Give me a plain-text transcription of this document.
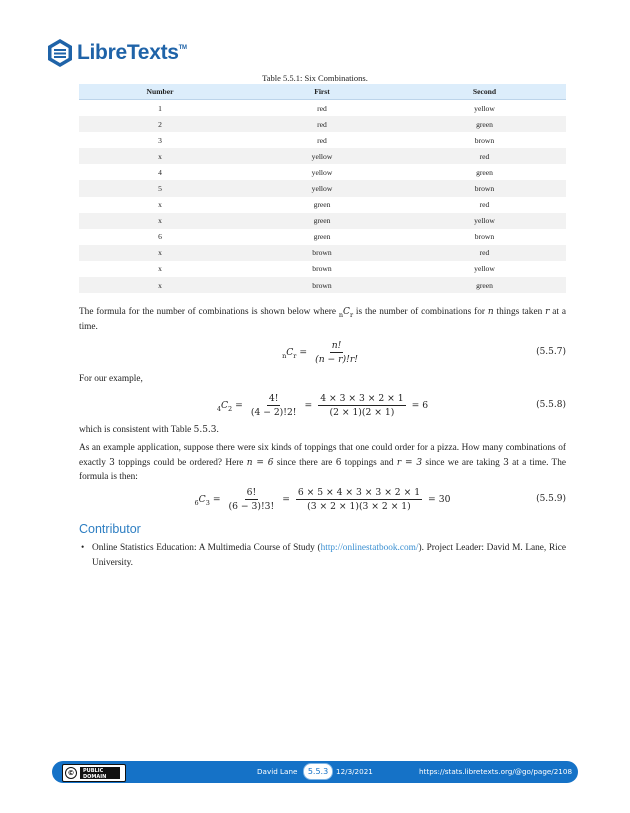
LibreTexts™
Table 5.5.1: Six Combinations.
Number	First	Second
1	red	yellow
2	red	green
3	red	brown
x	yellow	red
4	yellow	green
5	yellow	brown
x	green	red
x	green	yellow
6	green	brown
x	brown	red
x	brown	yellow
x	brown	green
The formula for the number of combinations is shown below where $_nC_r$ is the number of combinations for n things taken r at a time.
$_nC_r = \frac{n!}{(n - r)!r!}$	(5.5.7)
For our example,
$_4C_2 = \frac{4!}{(4 - 2)!2!} = \frac{4 \times 3 \times 3 \times 2 \times 1}{(2 \times 1)(2 \times 1)} = 6$	(5.5.8)
which is consistent with Table 5.5.3.
As an example application, suppose there were six kinds of toppings that one could order for a pizza. How many combinations of exactly 3 toppings could be ordered? Here n = 6 since there are 6 toppings and r = 3 since we are taking 3 at a time. The formula is then:
$_6C_3 = \frac{6!}{(6 - 3)!3!} = \frac{6 \times 5 \times 4 \times 3 \times 3 \times 2 \times 1}{(3 \times 2 \times 1)(3 \times 2 \times 1)} = 30$	(5.5.9)
Contributor
• Online Statistics Education: A Multimedia Course of Study (http://onlinestatbook.com/). Project Leader: David M. Lane, Rice University.
©	PUBLIC
DOMAIN
David Lane	5.5.3	12/3/2021	https://stats.libretexts.org/@go/page/2108
